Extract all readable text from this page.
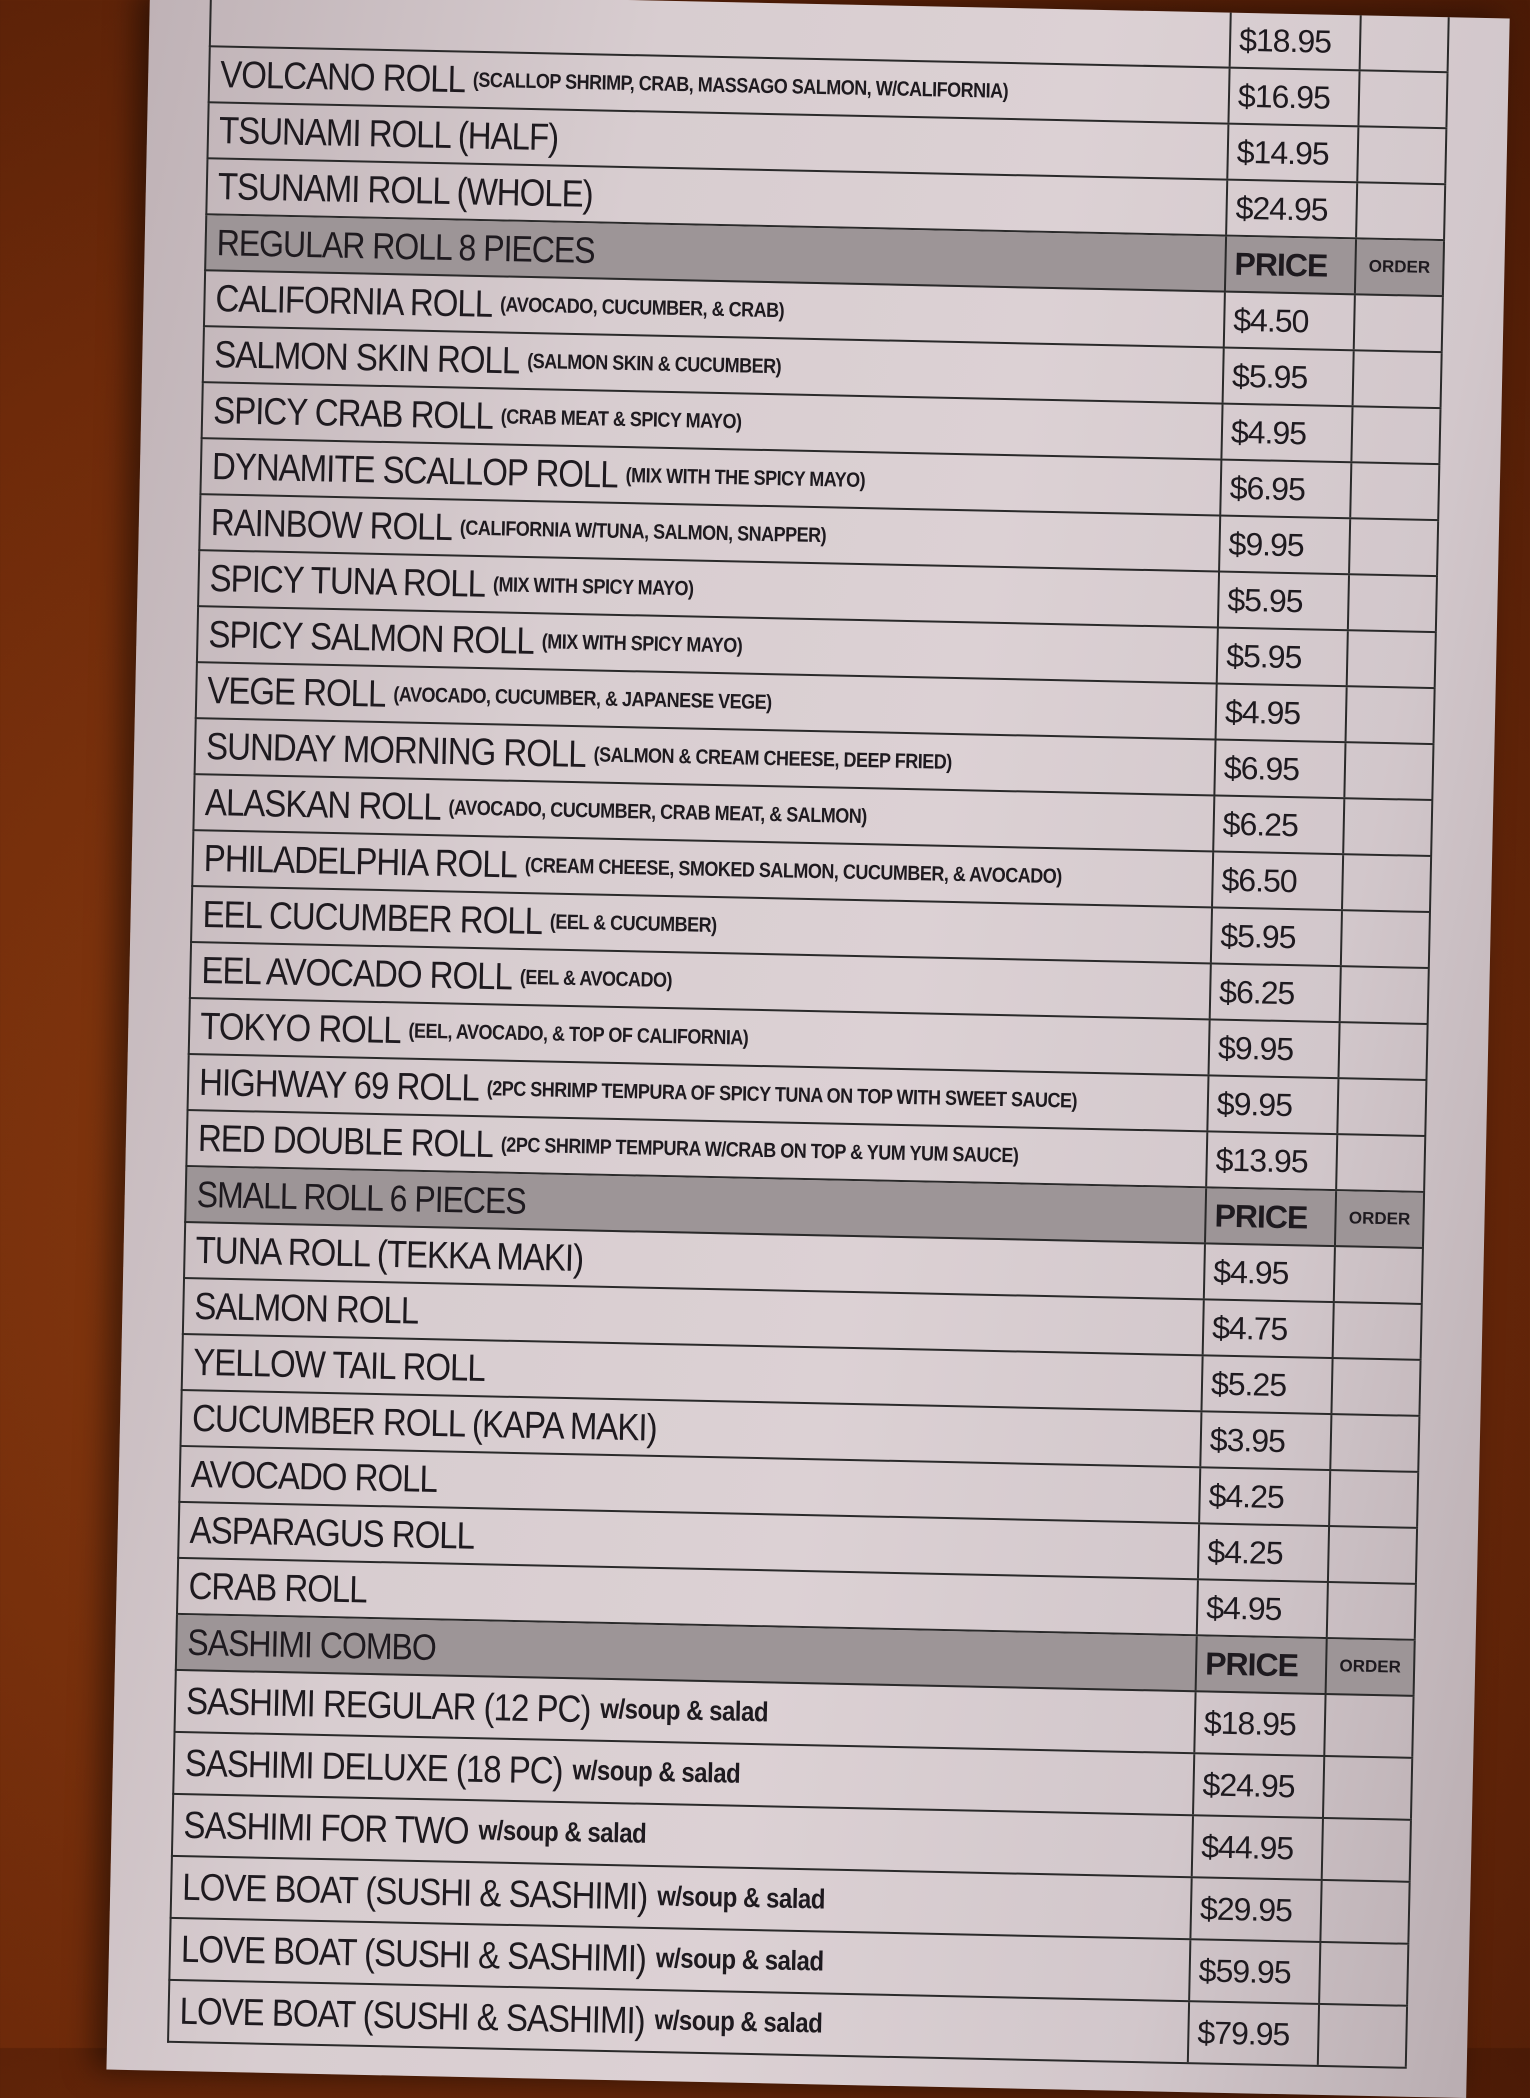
$18.95
VOLCANO ROLL (SCALLOP SHRIMP, CRAB, MASSAGO SALMON, W/CALIFORNIA)	$16.95
TSUNAMI ROLL (HALF)	$14.95
TSUNAMI ROLL (WHOLE)	$24.95
REGULAR ROLL 8 PIECES	PRICE	ORDER
CALIFORNIA ROLL (AVOCADO, CUCUMBER, & CRAB)	$4.50
SALMON SKIN ROLL (SALMON SKIN & CUCUMBER)	$5.95
SPICY CRAB ROLL (CRAB MEAT & SPICY MAYO)	$4.95
DYNAMITE SCALLOP ROLL (MIX WITH THE SPICY MAYO)	$6.95
RAINBOW ROLL (CALIFORNIA W/TUNA, SALMON, SNAPPER)	$9.95
SPICY TUNA ROLL (MIX WITH SPICY MAYO)	$5.95
SPICY SALMON ROLL (MIX WITH SPICY MAYO)	$5.95
VEGE ROLL (AVOCADO, CUCUMBER, & JAPANESE VEGE)	$4.95
SUNDAY MORNING ROLL (SALMON & CREAM CHEESE, DEEP FRIED)	$6.95
ALASKAN ROLL (AVOCADO, CUCUMBER, CRAB MEAT, & SALMON)	$6.25
PHILADELPHIA ROLL (CREAM CHEESE, SMOKED SALMON, CUCUMBER, & AVOCADO)	$6.50
EEL CUCUMBER ROLL (EEL & CUCUMBER)	$5.95
EEL AVOCADO ROLL (EEL & AVOCADO)	$6.25
TOKYO ROLL (EEL, AVOCADO, & TOP OF CALIFORNIA)	$9.95
HIGHWAY 69 ROLL (2PC SHRIMP TEMPURA OF SPICY TUNA ON TOP WITH SWEET SAUCE)	$9.95
RED DOUBLE ROLL (2PC SHRIMP TEMPURA W/CRAB ON TOP & YUM YUM SAUCE)	$13.95
SMALL ROLL 6 PIECES	PRICE	ORDER
TUNA ROLL (TEKKA MAKI)	$4.95
SALMON ROLL	$4.75
YELLOW TAIL ROLL	$5.25
CUCUMBER ROLL (KAPA MAKI)	$3.95
AVOCADO ROLL	$4.25
ASPARAGUS ROLL	$4.25
CRAB ROLL	$4.95
SASHIMI COMBO	PRICE	ORDER
SASHIMI REGULAR (12 PC) w/soup & salad	$18.95
SASHIMI DELUXE (18 PC) w/soup & salad	$24.95
SASHIMI FOR TWO w/soup & salad	$44.95
LOVE BOAT (SUSHI & SASHIMI) w/soup & salad	$29.95
LOVE BOAT (SUSHI & SASHIMI) w/soup & salad	$59.95
LOVE BOAT (SUSHI & SASHIMI) w/soup & salad	$79.95
